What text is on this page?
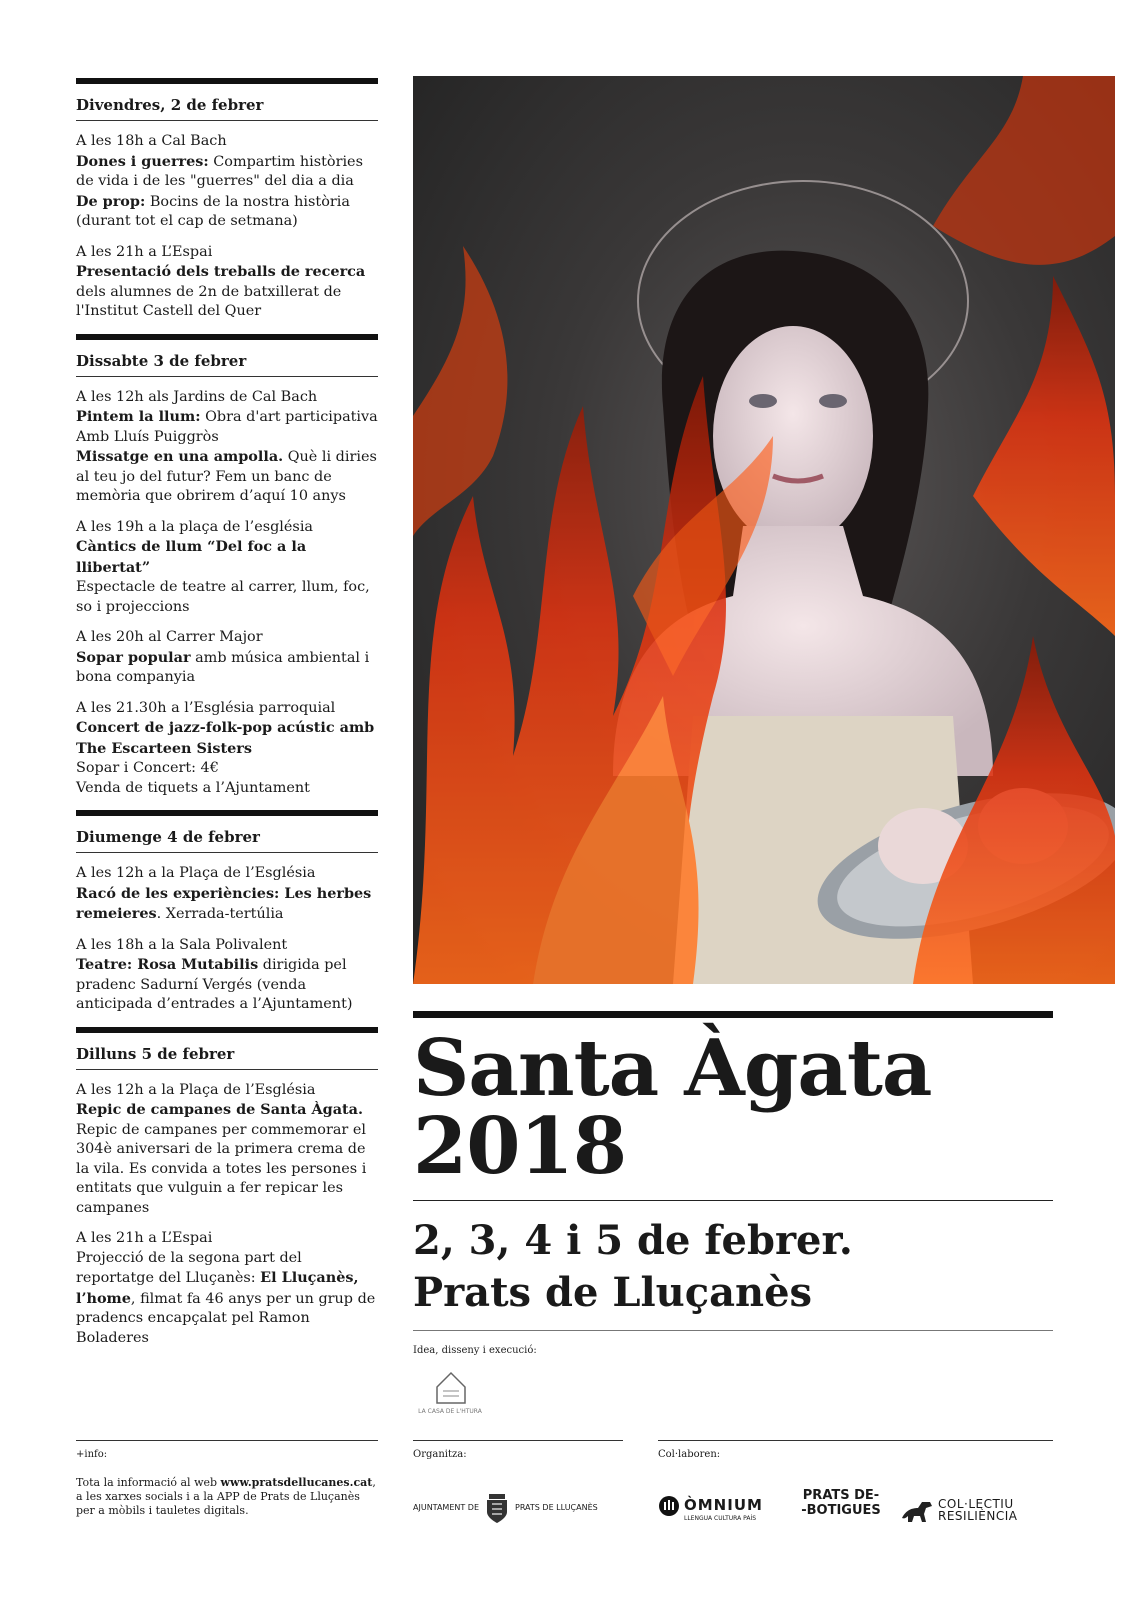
Divendres, 2 de febrer
A les 18h a Cal Bach
Dones i guerres: Compartim històries de vida i de les "guerres" del dia a dia
De prop: Bocins de la nostra història (durant tot el cap de setmana)
A les 21h a L’Espai
Presentació dels treballs de recerca dels alumnes de 2n de batxillerat de l'Institut Castell del Quer
Dissabte 3 de febrer
A les 12h als Jardins de Cal Bach
Pintem la llum: Obra d'art participativa Amb Lluís Puiggròs
Missatge en una ampolla. Què li diries al teu jo del futur? Fem un banc de memòria que obrirem d’aquí 10 anys
A les 19h a la plaça de l’església
Càntics de llum “Del foc a la llibertat”
Espectacle de teatre al carrer, llum, foc, so i projeccions
A les 20h al Carrer Major
Sopar popular amb música ambiental i bona companyia
A les 21.30h a l’Església parroquial
Concert de jazz-folk-pop acústic amb The Escarteen Sisters
Sopar i Concert: 4€
Venda de tiquets a l’Ajuntament
Diumenge 4 de febrer
A les 12h a la Plaça de l’Església
Racó de les experiències: Les herbes remeieres. Xerrada-tertúlia
A les 18h a la Sala Polivalent
Teatre: Rosa Mutabilis dirigida pel pradenc Sadurní Vergés (venda anticipada d’entrades a l’Ajuntament)
Dilluns 5 de febrer
A les 12h a la Plaça de l’Església
Repic de campanes de Santa Àgata.
Repic de campanes per commemorar el 304è aniversari de la primera crema de la vila. Es convida a totes les persones i entitats que vulguin a fer repicar les campanes
A les 21h a L’Espai
Projecció de la segona part del reportatge del Lluçanès: El Lluçanès, l’home, filmat fa 46 anys per un grup de pradencs encapçalat pel Ramon Boladeres
Santa Àgata
2018
2, 3, 4 i 5 de febrer.
Prats de Lluçanès
Idea, disseny i execució:
LA CASA DE L'HTURA
+info:	Organitza:	Col·laboren:
Tota la informació al web www.pratsdellucanes.cat, a les xarxes socials i a la APP de Prats de Lluçanès per a mòbils i tauletes digitals.	AJUNTAMENT DE	PRATS DE LLUÇANÈS	ÒMNIUM
LLENGUA CULTURA PAÍS
PRATS DE-
-BOTIGUES	COL·LECTIU
RESILIÈNCIA
